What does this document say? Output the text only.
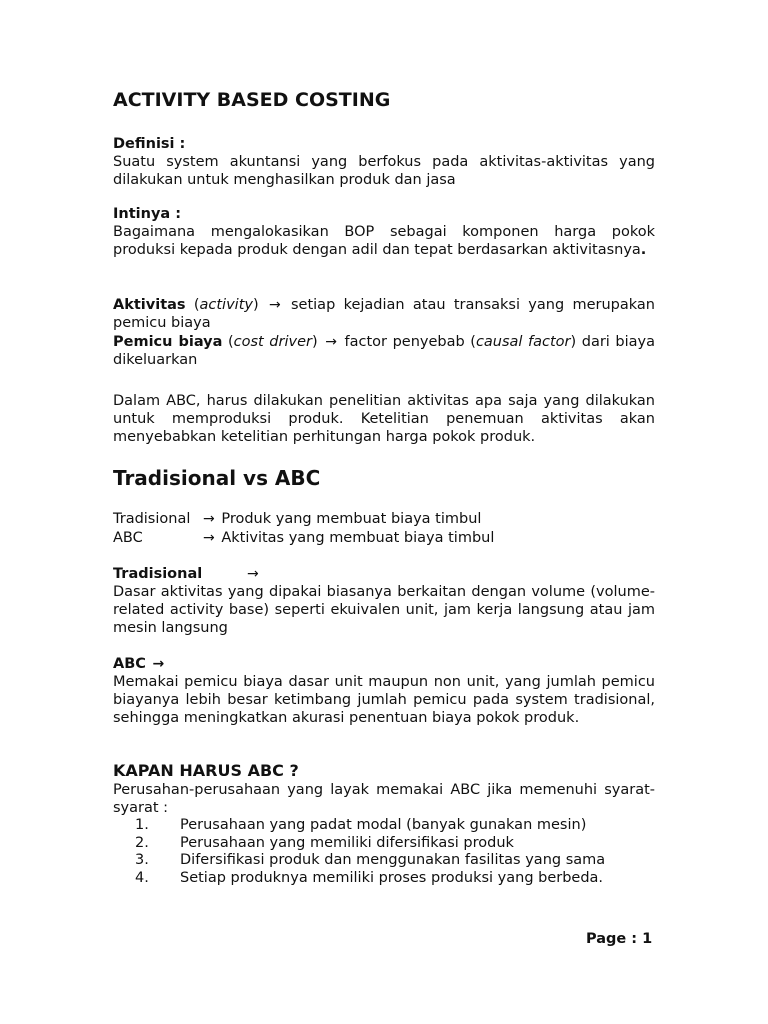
ACTIVITY BASED COSTING
Definisi :
Suatu system akuntansi yang berfokus pada aktivitas-aktivitas yang dilakukan untuk menghasilkan produk dan jasa
Intinya :
Bagaimana mengalokasikan BOP sebagai komponen harga pokok produksi kepada produk dengan adil dan tepat berdasarkan aktivitasnya.
Aktivitas (activity) → setiap kejadian atau transaksi yang merupakan pemicu biaya
Pemicu biaya (cost driver) → factor penyebab (causal factor) dari biaya dikeluarkan
Dalam ABC, harus dilakukan penelitian aktivitas apa saja yang dilakukan untuk memproduksi produk. Ketelitian penemuan aktivitas akan menyebabkan ketelitian perhitungan harga pokok produk.
Tradisional vs ABC
Tradisional → Produk yang membuat biaya timbul
ABC	→ Aktivitas yang membuat biaya timbul
Tradisional	→
Dasar aktivitas yang dipakai biasanya berkaitan dengan volume (volume-related activity base) seperti ekuivalen unit, jam kerja langsung atau jam mesin langsung
ABC →
Memakai pemicu biaya dasar unit maupun non unit, yang jumlah pemicu biayanya lebih besar ketimbang jumlah pemicu pada system tradisional, sehingga meningkatkan akurasi penentuan biaya pokok produk.
KAPAN HARUS ABC ?
Perusahan-perusahaan yang layak memakai ABC jika memenuhi syarat-syarat :
1.	Perusahaan yang padat modal (banyak gunakan mesin)
2.	Perusahaan yang memiliki difersifikasi produk
3.	Difersifikasi produk dan menggunakan fasilitas yang sama
4.	Setiap produknya memiliki proses produksi yang berbeda.
Page : 1
